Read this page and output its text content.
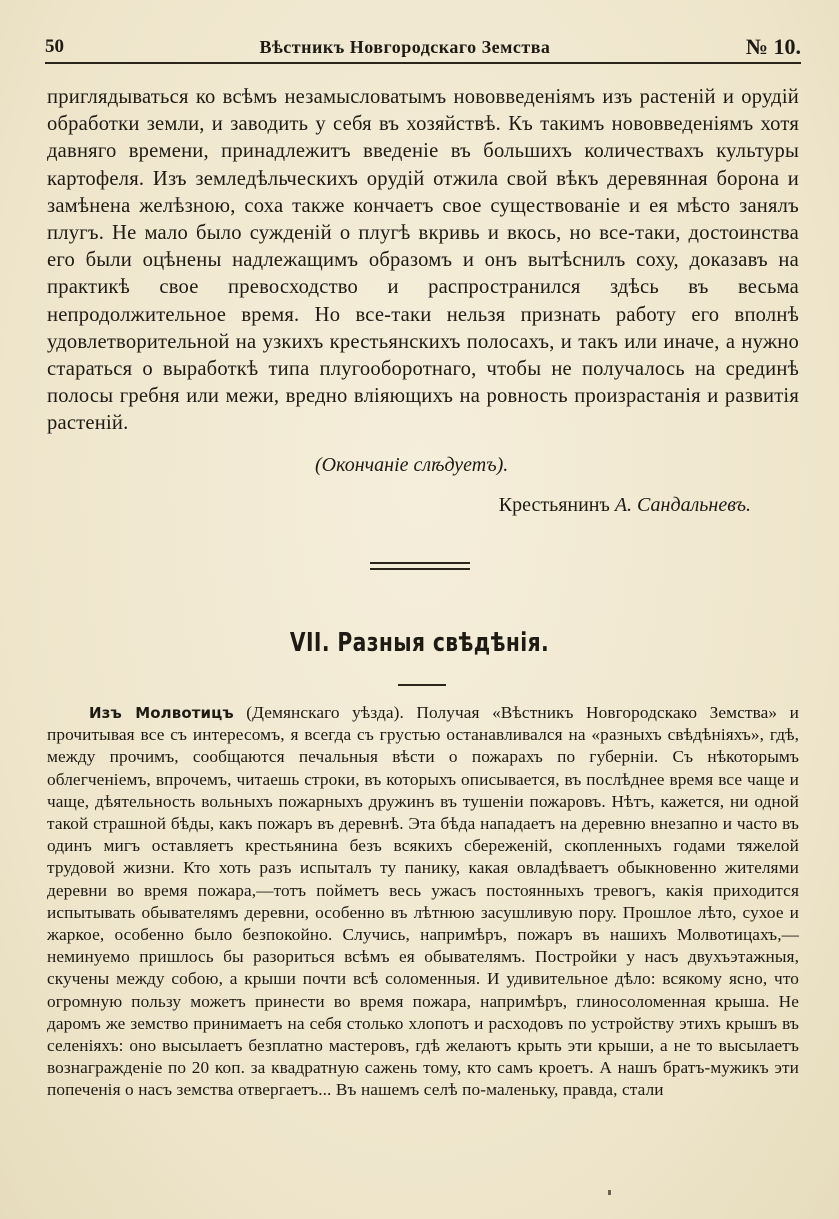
50	Вѣстникъ Новгородскаго Земства	№ 10.

приглядываться ко всѣмъ незамысловатымъ нововведеніямъ изъ растеній и орудій обработки земли, и заводить у себя въ хозяйствѣ. Къ такимъ нововведеніямъ хотя давняго времени, принадлежитъ введеніе въ большихъ количествахъ культуры картофеля. Изъ земледѣльческихъ орудій отжила свой вѣкъ деревянная борона и замѣнена желѣзною, соха также кончаетъ свое существованіе и ея мѣсто занялъ плугъ. Не мало было сужденій о плугѣ вкривь и вкось, но все-таки, достоинства его были оцѣнены надлежащимъ образомъ и онъ вытѣснилъ соху, доказавъ на практикѣ свое превосходство и распространился здѣсь въ весьма непродолжительное время. Но все-таки нельзя признать работу его вполнѣ удовлетворительной на узкихъ крестьянскихъ полосахъ, и такъ или иначе, а нужно стараться о выработкѣ типа плугооборотнаго, чтобы не получалось на срединѣ полосы гребня или межи, вредно вліяющихъ на ровность произрастанія и развитія растеній.

(Окончаніе слѣдуетъ).
Крестьянинъ А. Сандальневъ.
VII. Разныя свѣдѣнія.

Изъ Молвотицъ (Демянскаго уѣзда). Получая «Вѣстникъ Новгородскако Земства» и прочитывая все съ интересомъ, я всегда съ грустью останавливался на «разныхъ свѣдѣніяхъ», гдѣ, между прочимъ, сообщаются печальныя вѣсти о пожарахъ по губерніи. Съ нѣкоторымъ облегченіемъ, впрочемъ, читаешь строки, въ которыхъ описывается, въ послѣднее время все чаще и чаще, дѣятельность вольныхъ пожарныхъ дружинъ въ тушеніи пожаровъ. Нѣтъ, кажется, ни одной такой страшной бѣды, какъ пожаръ въ деревнѣ. Эта бѣда нападаетъ на деревню внезапно и часто въ одинъ мигъ оставляетъ крестьянина безъ всякихъ сбереженій, скопленныхъ годами тяжелой трудовой жизни. Кто хоть разъ испыталъ ту панику, какая овладѣваетъ обыкновенно жителями деревни во время пожара,—тотъ пойметъ весь ужасъ постоянныхъ тревогъ, какія приходится испытывать обывателямъ деревни, особенно въ лѣтнюю засушливую пору. Прошлое лѣто, сухое и жаркое, особенно было безпокойно. Случись, напримѣръ, пожаръ въ нашихъ Молвотицахъ,—неминуемо пришлось бы разориться всѣмъ ея обывателямъ. Постройки у насъ двухъэтажныя, скучены между собою, а крыши почти всѣ соломенныя. И удивительное дѣло: всякому ясно, что огромную пользу можетъ принести во время пожара, напримѣръ, глиносоломенная крыша. Не даромъ же земство принимаетъ на себя столько хлопотъ и расходовъ по устройству этихъ крышъ въ селеніяхъ: оно высылаетъ безплатно мастеровъ, гдѣ желаютъ крыть эти крыши, а не то высылаетъ вознагражденіе по 20 коп. за квадратную сажень тому, кто самъ кроетъ. А нашъ братъ-мужикъ эти попеченія о насъ земства отвергаетъ... Въ нашемъ селѣ по-маленьку, правда, стали
